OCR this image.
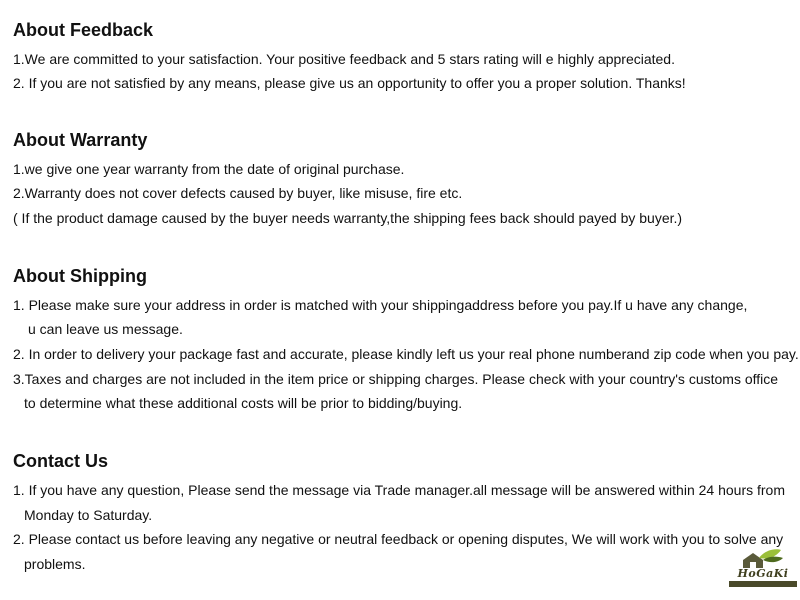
About Feedback

1.We are committed to your satisfaction. Your positive feedback and 5 stars rating will e highly appreciated.

2. If you are not satisfied by any means, please give us an opportunity to offer you a proper solution. Thanks!

About Warranty

1.we give one year warranty from the date of original purchase.

2.Warranty does not cover defects caused by buyer, like misuse, fire etc.

( If the product damage caused by the buyer needs warranty,the shipping fees back should payed by buyer.)

About Shipping

1. Please make sure your address in order is matched with your shippingaddress before you pay.If u have any change,

u can leave us message.

2. In order to delivery your package fast and accurate, please kindly left us your real phone numberand zip code when you pay.

3.Taxes and charges are not included in the item price or shipping charges. Please check with your country's customs office

to determine what these additional costs will be prior to bidding/buying.

Contact Us

1. If you have any question, Please send the message via Trade manager.all message will be answered within 24 hours from

Monday to Saturday.

2. Please contact us before leaving any negative or neutral feedback or opening disputes, We will work with you to solve any

problems.

HoGaKi
